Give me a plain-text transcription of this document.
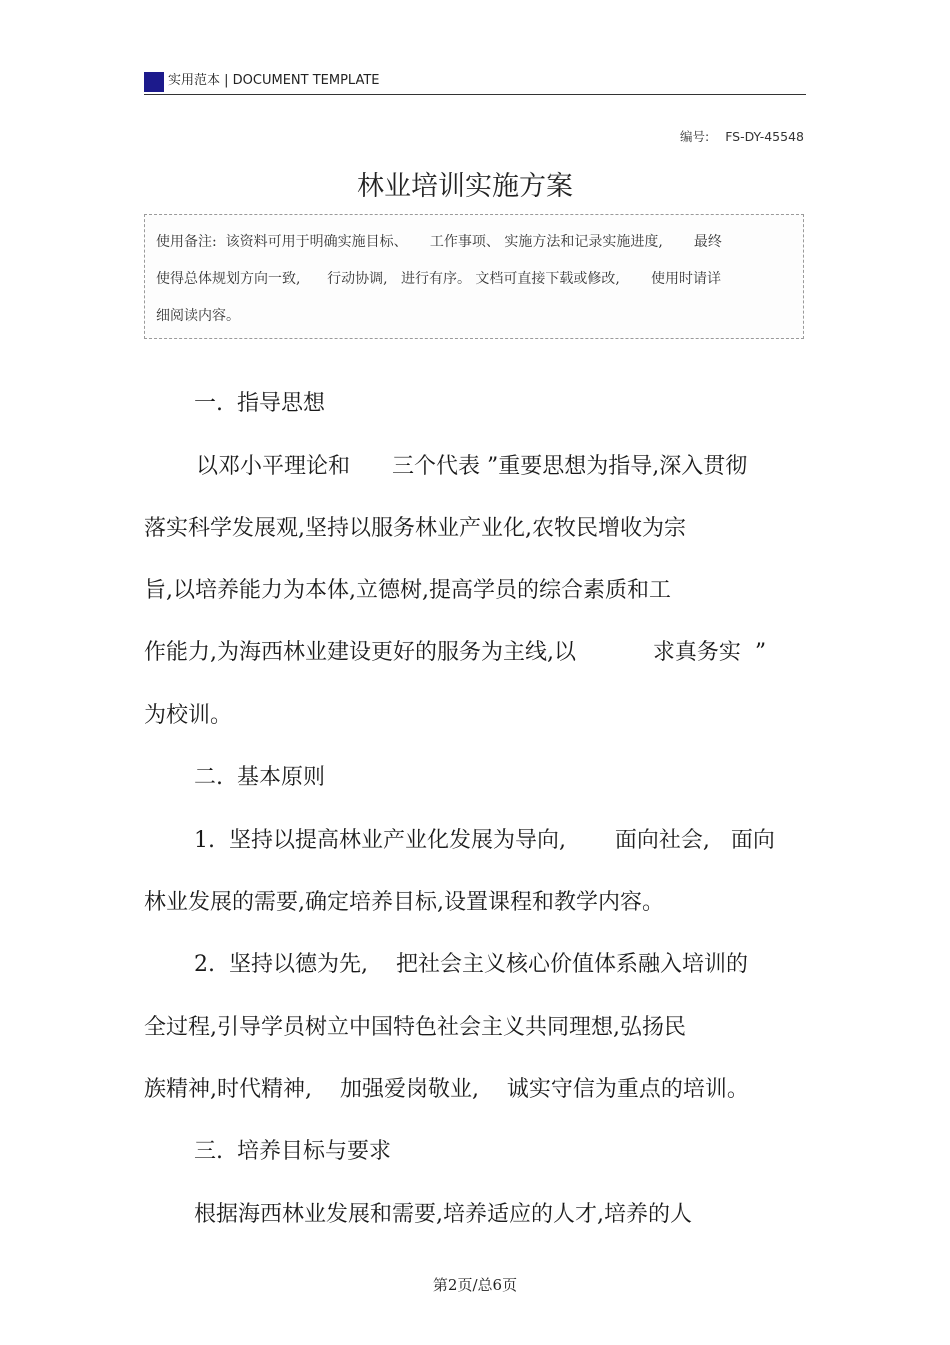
实用范本 | DOCUMENT TEMPLATE
编号: FS-DY-45548
林业培训实施方案
使用备注:  该资料可用于明确实施目标、     工作事项、 实施方法和记录实施进度,       最终
使得总体规划方向一致,      行动协调,   进行有序。 文档可直接下载或修改,       使用时请详
细阅读内容。
一.  指导思想
以邓小平理论和      三个代表 ”重要思想为指导,深入贯彻
落实科学发展观,坚持以服务林业产业化,农牧民增收为宗
旨,以培养能力为本体,立德树,提高学员的综合素质和工
作能力,为海西林业建设更好的服务为主线,以           求真务实  ”
为校训。
二.  基本原则
1.  坚持以提高林业产业化发展为导向,       面向社会,   面向
林业发展的需要,确定培养目标,设置课程和教学内容。
2.  坚持以德为先,    把社会主义核心价值体系融入培训的
全过程,引导学员树立中国特色社会主义共同理想,弘扬民
族精神,时代精神,    加强爱岗敬业,    诚实守信为重点的培训。
三.  培养目标与要求
根据海西林业发展和需要,培养适应的人才,培养的人
第2页/总6页
